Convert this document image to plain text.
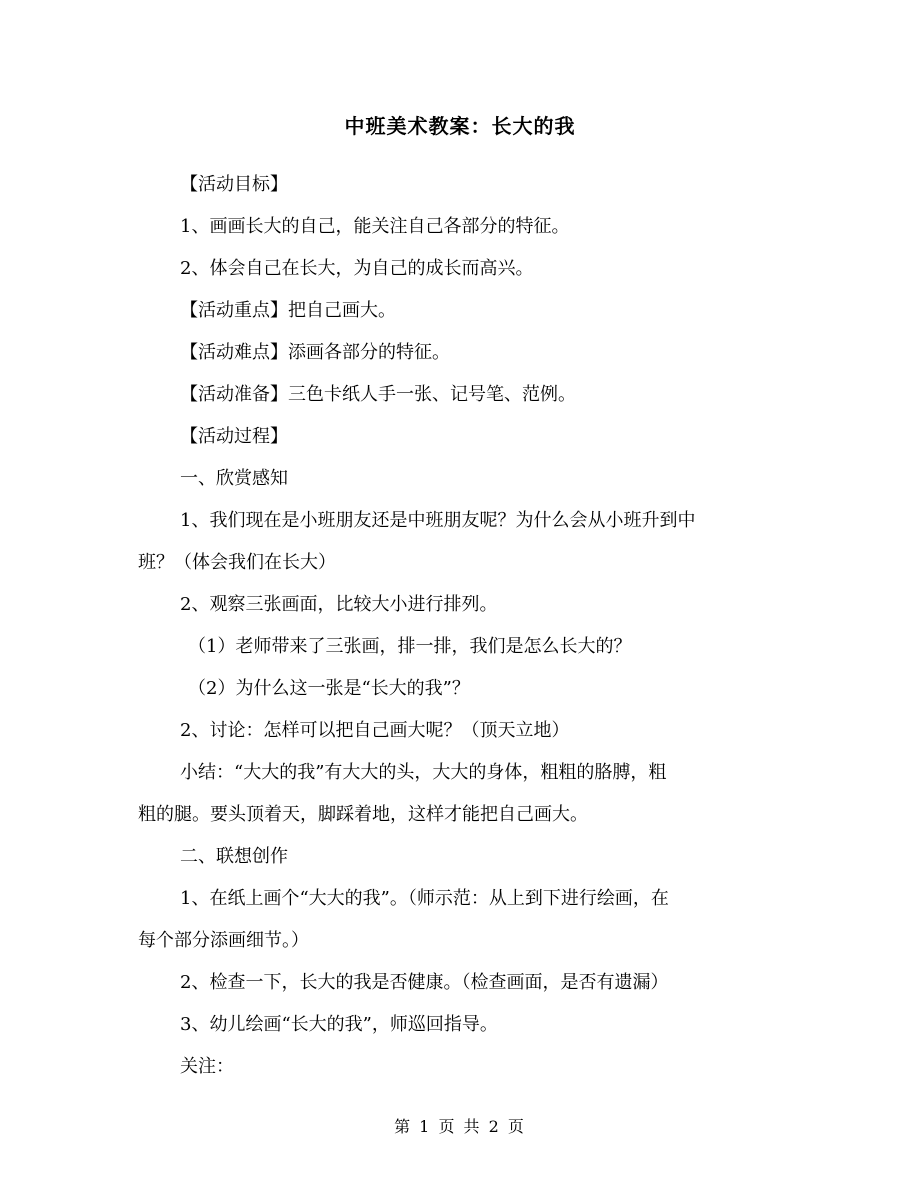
中班美术教案：长大的我
【活动目标】
1、画画长大的自己，能关注自己各部分的特征。
2、体会自己在长大，为自己的成长而高兴。
【活动重点】把自己画大。
【活动难点】添画各部分的特征。
【活动准备】三色卡纸人手一张、记号笔、范例。
【活动过程】
一、欣赏感知
1、我们现在是小班朋友还是中班朋友呢？为什么会从小班升到中
班？（体会我们在长大）
2、观察三张画面，比较大小进行排列。
（1）老师带来了三张画，排一排，我们是怎么长大的？
（2）为什么这一张是“长大的我”？
2、讨论：怎样可以把自己画大呢？（顶天立地）
小结：“大大的我”有大大的头，大大的身体，粗粗的胳膊，粗
粗的腿。要头顶着天，脚踩着地，这样才能把自己画大。
二、联想创作
1、在纸上画个“大大的我”。（师示范：从上到下进行绘画，在
每个部分添画细节。）
2、检查一下，长大的我是否健康。（检查画面，是否有遗漏）
3、幼儿绘画“长大的我”，师巡回指导。
关注：
第 1 页 共 2 页
